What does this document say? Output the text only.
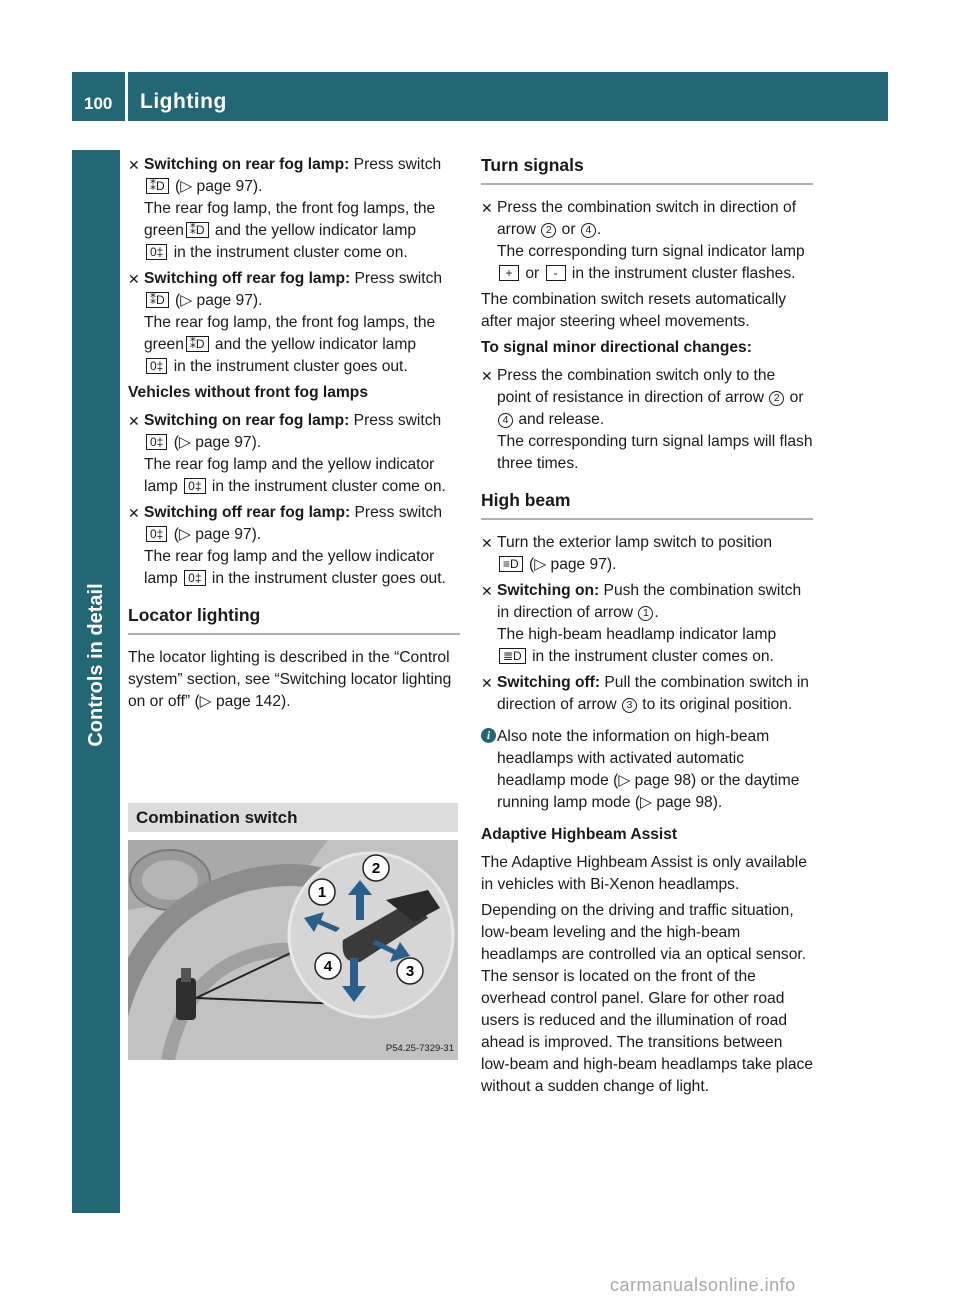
100 Lighting
Controls in detail
✕ Switching on rear fog lamp: Press switch
⁑D (▷ page 97).
The rear fog lamp, the front fog lamps, the green ⁑D and the yellow indicator lamp
0‡ in the instrument cluster come on.

✕ Switching off rear fog lamp: Press switch
⁑D (▷ page 97).
The rear fog lamp, the front fog lamps, the green ⁑D and the yellow indicator lamp
0‡ in the instrument cluster goes out.

Vehicles without front fog lamps

✕ Switching on rear fog lamp: Press switch
0‡ (▷ page 97).
The rear fog lamp and the yellow indicator lamp 0‡ in the instrument cluster come on.

✕ Switching off rear fog lamp: Press switch
0‡ (▷ page 97).
The rear fog lamp and the yellow indicator lamp 0‡ in the instrument cluster goes out.

Locator lighting

The locator lighting is described in the “Control system” section, see “Switching locator lighting on or off” (▷ page 142).

Combination switch
1
2
3
4
P54.25-7329-31
Turn signals
✕ Press the combination switch in direction of arrow 2 or 4 .
The corresponding turn signal indicator lamp + or - in the instrument cluster flashes.

The combination switch resets automatically after major steering wheel movements.

To signal minor directional changes:

✕ Press the combination switch only to the point of resistance in direction of arrow 2 or 4 and release.
The corresponding turn signal lamps will flash three times.

High beam
✕ Turn the exterior lamp switch to position
≡D (▷ page 97).

✕ Switching on: Push the combination switch in direction of arrow 1 .
The high-beam headlamp indicator lamp
≣D in the instrument cluster comes on.

✕ Switching off: Pull the combination switch in direction of arrow 3 to its original position.

i Also note the information on high-beam headlamps with activated automatic headlamp mode (▷ page 98) or the daytime running lamp mode (▷ page 98).

Adaptive Highbeam Assist

The Adaptive Highbeam Assist is only available in vehicles with Bi-Xenon headlamps.

Depending on the driving and traffic situation, low-beam leveling and the high-beam headlamps are controlled via an optical sensor. The sensor is located on the front of the overhead control panel. Glare for other road users is reduced and the illumination of road ahead is improved. The transitions between low-beam and high-beam headlamps take place without a sudden change of light.

carmanualsonline.info
